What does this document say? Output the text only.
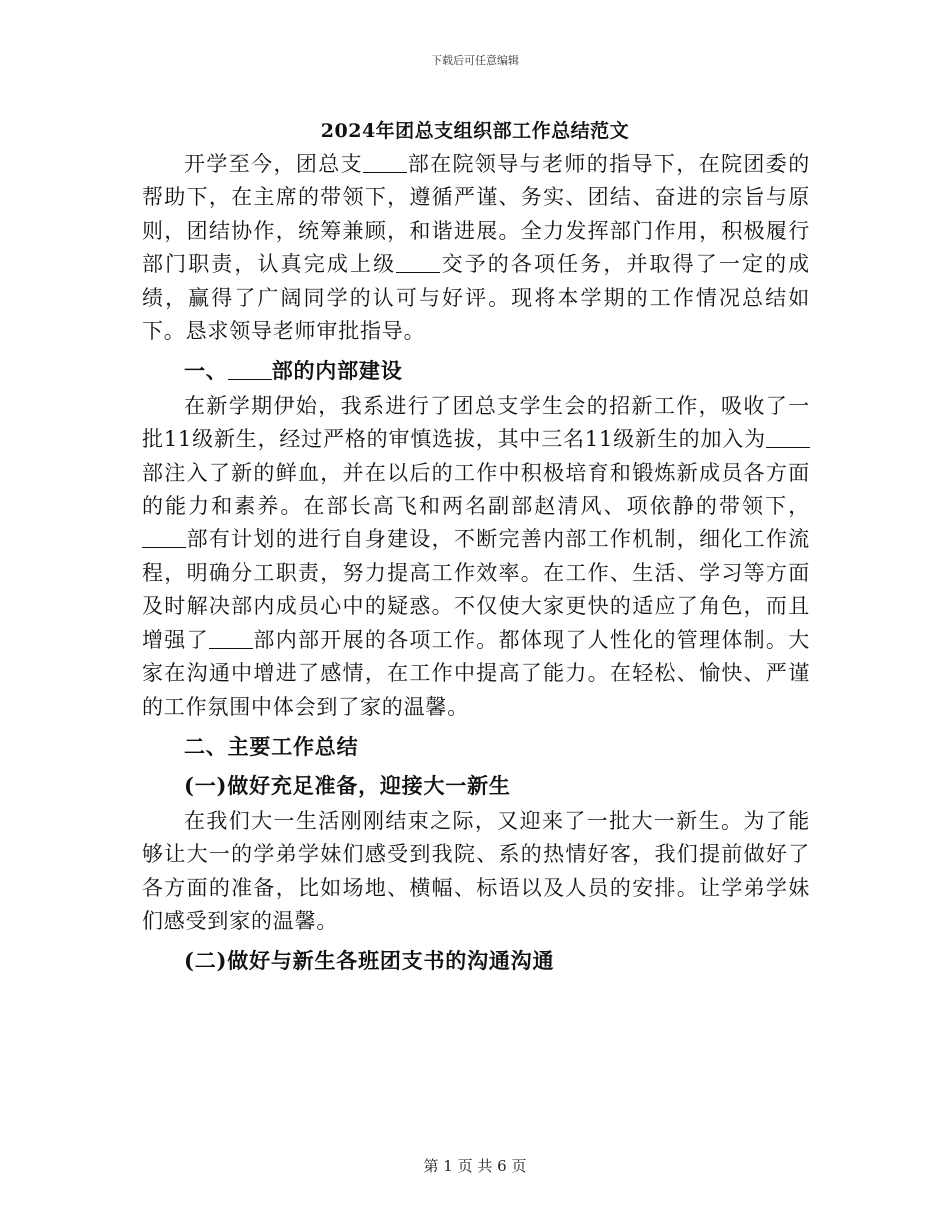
下载后可任意编辑
2024年团总支组织部工作总结范文

开学至今，团总支 部在院领导与老师的指导下，在院团委的帮助下，在主席的带领下，遵循严谨、务实、团结、奋进的宗旨与原则，团结协作，统筹兼顾，和谐进展。全力发挥部门作用，积极履行部门职责，认真完成上级 交予的各项任务，并取得了一定的成绩，赢得了广阔同学的认可与好评。现将本学期的工作情况总结如下。恳求领导老师审批指导。

一、 部的内部建设

在新学期伊始，我系进行了团总支学生会的招新工作，吸收了一批11级新生，经过严格的审慎选拔，其中三名11级新生的加入为部注入了新的鲜血，并在以后的工作中积极培育和锻炼新成员各方面的能力和素养。在部长高飞和两名副部赵清风、项依静的带领下，部有计划的进行自身建设，不断完善内部工作机制，细化工作流程，明确分工职责，努力提高工作效率。在工作、生活、学习等方面及时解决部内成员心中的疑惑。不仅使大家更快的适应了角色，而且增强了 部内部开展的各项工作。都体现了人性化的管理体制。大家在沟通中增进了感情，在工作中提高了能力。在轻松、愉快、严谨的工作氛围中体会到了家的温馨。

二、主要工作总结

(一)做好充足准备，迎接大一新生

在我们大一生活刚刚结束之际，又迎来了一批大一新生。为了能够让大一的学弟学妹们感受到我院、系的热情好客，我们提前做好了各方面的准备，比如场地、横幅、标语以及人员的安排。让学弟学妹们感受到家的温馨。

(二)做好与新生各班团支书的沟通沟通

第 1 页 共 6 页
